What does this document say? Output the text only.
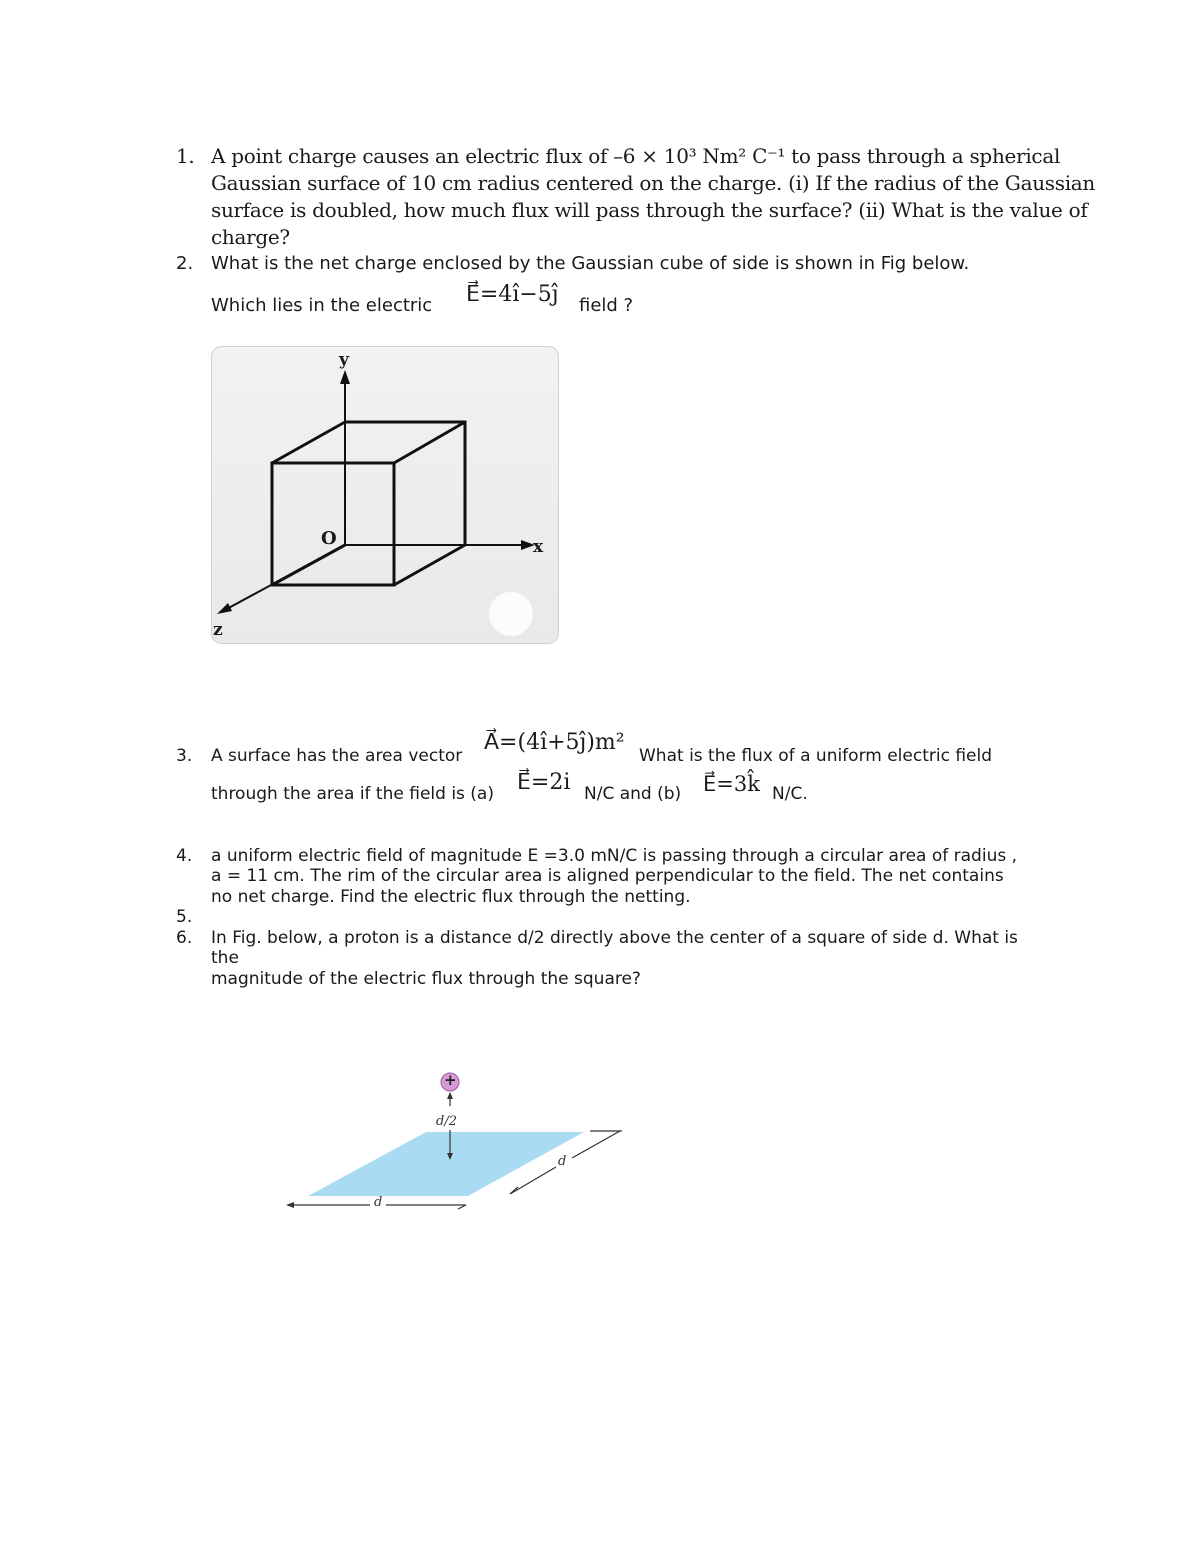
1. A point charge causes an electric flux of –6 × 10³ Nm² C⁻¹ to pass through a spherical
Gaussian surface of 10 cm radius centered on the charge. (i) If the radius of the Gaussian
surface is doubled, how much flux will pass through the surface? (ii) What is the value of
charge?
2. What is the net charge enclosed by the Gaussian cube of side is shown in Fig below.
Which lies in the electric E⃗=4î−5ĵ field ?
y
x
z
O
3. A surface has the area vector
A⃗=(4î+5ĵ)m²
What is the flux of a uniform electric field
through the area if the field is (a) E⃗=2i N/C and (b) E⃗=3k̂ N/C.
4. a uniform electric field of magnitude E =3.0 mN/C is passing through a circular area of radius ,
a = 11 cm. The rim of the circular area is aligned perpendicular to the field. The net contains
no net charge. Find the electric flux through the netting.
5.
6. In Fig. below, a proton is a distance d/2 directly above the center of a square of side d. What is
the
magnitude of the electric flux through the square?
+
d/2
d
d
